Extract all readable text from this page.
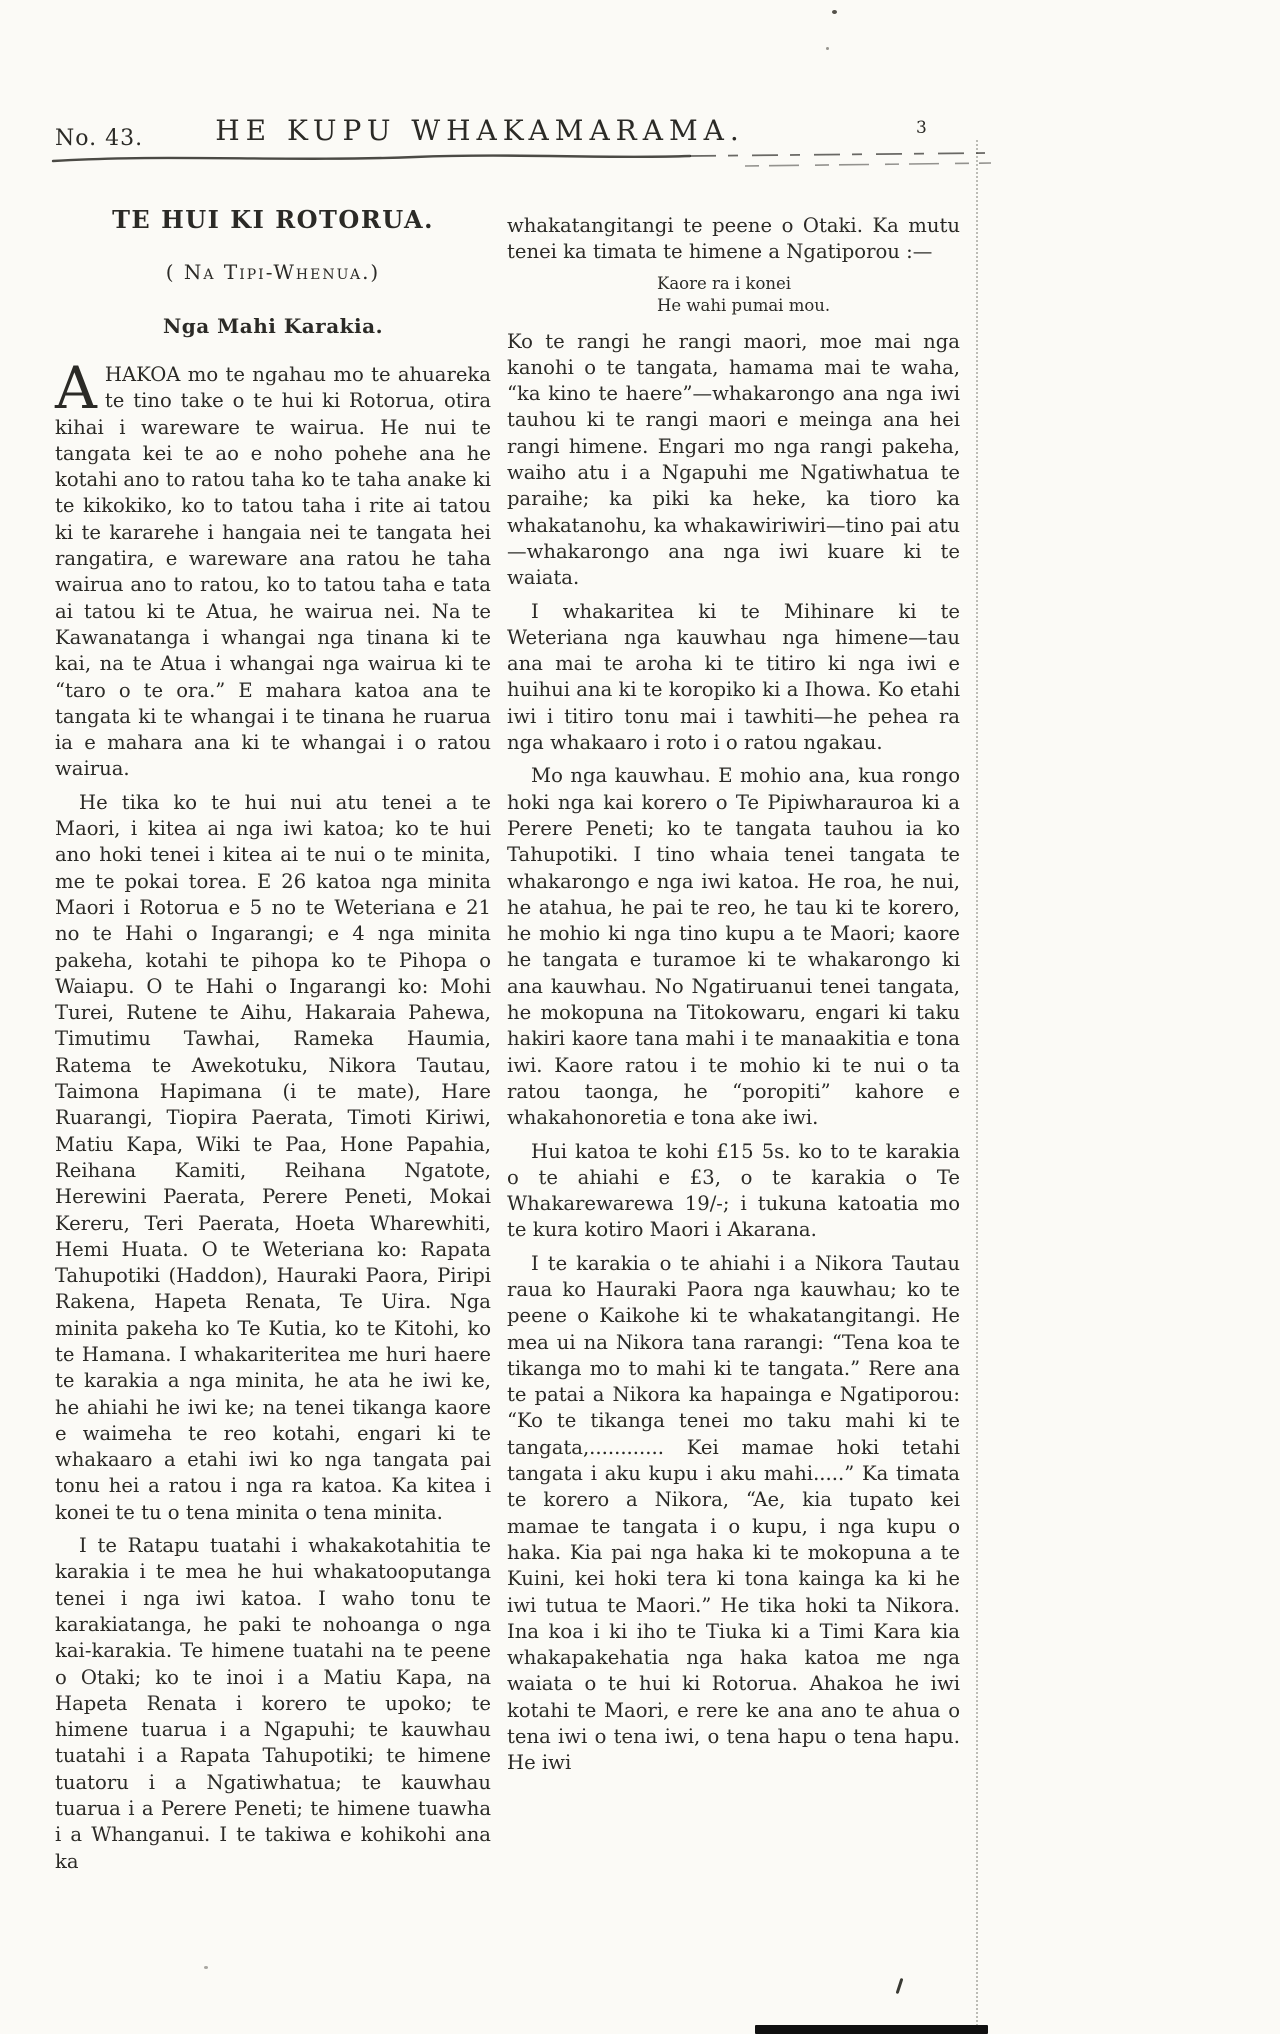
No. 43.	HE KUPU WHAKAMARAMA.	3
TE HUI KI ROTORUA.
( Na Tipi-Whenua.)
Nga Mahi Karakia.

AHAKOA mo te ngahau mo te ahuareka te tino take o te hui ki Rotorua, otira kihai i wareware te wairua. He nui te tangata kei te ao e noho pohehe ana he kotahi ano to ratou taha ko te taha anake ki te kikokiko, ko to tatou taha i rite ai tatou ki te kararehe i hangaia nei te tangata hei rangatira, e wareware ana ratou he taha wairua ano to ratou, ko to tatou taha e tata ai tatou ki te Atua, he wairua nei. Na te Kawanatanga i whangai nga tinana ki te kai, na te Atua i whangai nga wairua ki te “taro o te ora.” E mahara katoa ana te tangata ki te whangai i te tinana he ruarua ia e mahara ana ki te whangai i o ratou wairua.

He tika ko te hui nui atu tenei a te Maori, i kitea ai nga iwi katoa; ko te hui ano hoki tenei i kitea ai te nui o te minita, me te pokai torea. E 26 katoa nga minita Maori i Rotorua e 5 no te Weteriana e 21 no te Hahi o Ingarangi; e 4 nga minita pakeha, kotahi te pihopa ko te Pihopa o Waiapu. O te Hahi o Ingarangi ko: Mohi Turei, Rutene te Aihu, Hakaraia Pahewa, Timutimu Tawhai, Rameka Haumia, Ratema te Awekotuku, Nikora Tautau, Taimona Hapimana (i te mate), Hare Ruarangi, Tiopira Paerata, Timoti Kiriwi, Matiu Kapa, Wiki te Paa, Hone Papahia, Reihana Kamiti, Reihana Ngatote, Herewini Paerata, Perere Peneti, Mokai Kereru, Teri Paerata, Hoeta Wharewhiti, Hemi Huata. O te Weteriana ko: Rapata Tahupotiki (Haddon), Hauraki Paora, Piripi Rakena, Hapeta Renata, Te Uira. Nga minita pakeha ko Te Kutia, ko te Kitohi, ko te Hamana. I whakariteritea me huri haere te karakia a nga minita, he ata he iwi ke, he ahiahi he iwi ke; na tenei tikanga kaore e waimeha te reo kotahi, engari ki te whakaaro a etahi iwi ko nga tangata pai tonu hei a ratou i nga ra katoa. Ka kitea i konei te tu o tena minita o tena minita.

I te Ratapu tuatahi i whakakotahitia te karakia i te mea he hui whakatooputanga tenei i nga iwi katoa. I waho tonu te karakiatanga, he paki te nohoanga o nga kai-karakia. Te himene tuatahi na te peene o Otaki; ko te inoi i a Matiu Kapa, na Hapeta Renata i korero te upoko; te himene tuarua i a Ngapuhi; te kauwhau tuatahi i a Rapata Tahupotiki; te himene tuatoru i a Ngatiwhatua; te kauwhau tuarua i a Perere Peneti; te himene tuawha i a Whanganui. I te takiwa e kohikohi ana ka

whakatangitangi te peene o Otaki. Ka mutu tenei ka timata te himene a Ngatiporou :—

Kaore ra i konei
He wahi pumai mou.

Ko te rangi he rangi maori, moe mai nga kanohi o te tangata, hamama mai te waha, “ka kino te haere”—whakarongo ana nga iwi tauhou ki te rangi maori e meinga ana hei rangi himene. Engari mo nga rangi pakeha, waiho atu i a Ngapuhi me Ngatiwhatua te paraihe; ka piki ka heke, ka tioro ka whakatanohu, ka whakawiriwiri—tino pai atu—whakarongo ana nga iwi kuare ki te waiata.

I whakaritea ki te Mihinare ki te Weteriana nga kauwhau nga himene—tau ana mai te aroha ki te titiro ki nga iwi e huihui ana ki te koropiko ki a Ihowa. Ko etahi iwi i titiro tonu mai i tawhiti—he pehea ra nga whakaaro i roto i o ratou ngakau.

Mo nga kauwhau. E mohio ana, kua rongo hoki nga kai korero o Te Pipiwharauroa ki a Perere Peneti; ko te tangata tauhou ia ko Tahupotiki. I tino whaia tenei tangata te whakarongo e nga iwi katoa. He roa, he nui, he atahua, he pai te reo, he tau ki te korero, he mohio ki nga tino kupu a te Maori; kaore he tangata e turamoe ki te whakarongo ki ana kauwhau. No Ngatiruanui tenei tangata, he mokopuna na Titokowaru, engari ki taku hakiri kaore tana mahi i te manaakitia e tona iwi. Kaore ratou i te mohio ki te nui o ta ratou taonga, he “poropiti” kahore e whakahonoretia e tona ake iwi.

Hui katoa te kohi £15 5s. ko to te karakia o te ahiahi e £3, o te karakia o Te Whakarewarewa 19/-; i tukuna katoatia mo te kura kotiro Maori i Akarana.

I te karakia o te ahiahi i a Nikora Tautau raua ko Hauraki Paora nga kauwhau; ko te peene o Kaikohe ki te whakatangitangi. He mea ui na Nikora tana rarangi: “Tena koa te tikanga mo to mahi ki te tangata.” Rere ana te patai a Nikora ka hapainga e Ngatiporou: “Ko te tikanga tenei mo taku mahi ki te tangata,............ Kei mamae hoki tetahi tangata i aku kupu i aku mahi.....” Ka timata te korero a Nikora, “Ae, kia tupato kei mamae te tangata i o kupu, i nga kupu o haka. Kia pai nga haka ki te mokopuna a te Kuini, kei hoki tera ki tona kainga ka ki he iwi tutua te Maori.” He tika hoki ta Nikora. Ina koa i ki iho te Tiuka ki a Timi Kara kia whakapakehatia nga haka katoa me nga waiata o te hui ki Rotorua. Ahakoa he iwi kotahi te Maori, e rere ke ana ano te ahua o tena iwi o tena iwi, o tena hapu o tena hapu. He iwi
